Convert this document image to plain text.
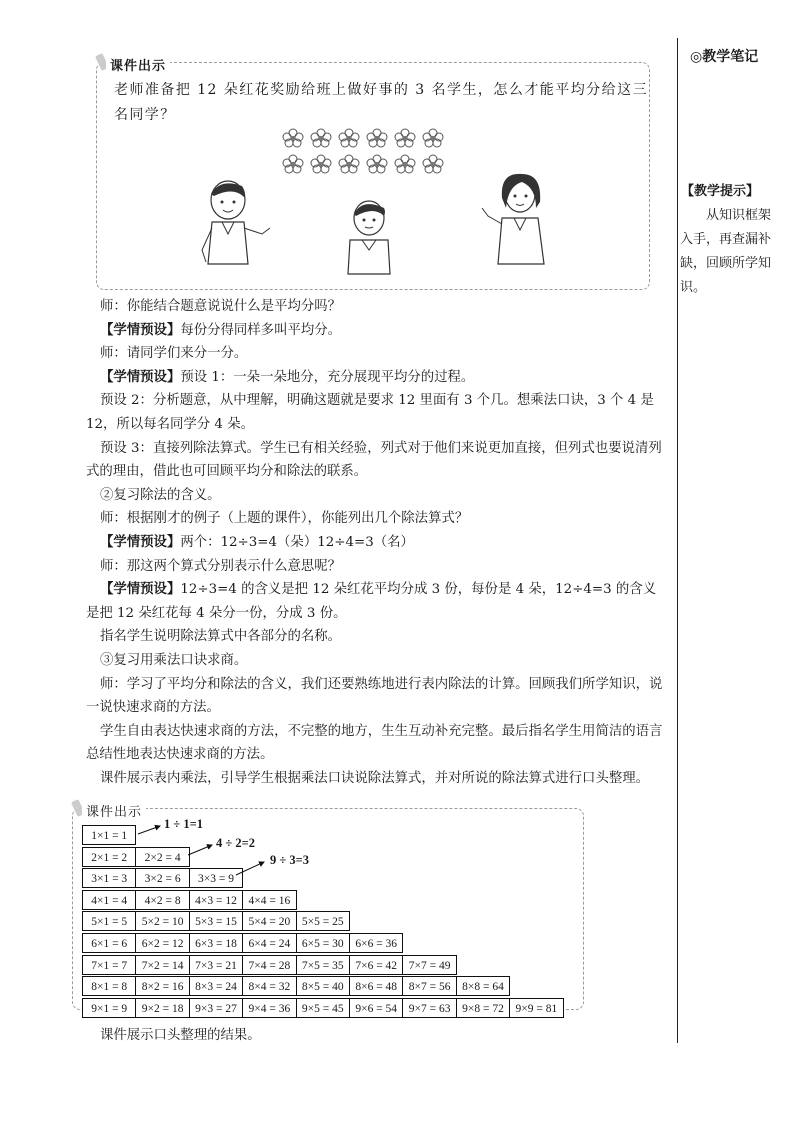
◎教学笔记
【教学提示】
从知识框架入手，再查漏补缺，回顾所学知识。
课件出示
老师准备把 12 朵红花奖励给班上做好事的 3 名学生，怎么才能平均分给这三名同学？

师：你能结合题意说说什么是平均分吗？

【学情预设】每份分得同样多叫平均分。

师：请同学们来分一分。

【学情预设】预设 1：一朵一朵地分，充分展现平均分的过程。

预设 2：分析题意，从中理解，明确这题就是要求 12 里面有 3 个几。想乘法口诀，3 个 4 是 12，所以每名同学分 4 朵。

预设 3：直接列除法算式。学生已有相关经验，列式对于他们来说更加直接，但列式也要说清列式的理由，借此也可回顾平均分和除法的联系。

②复习除法的含义。

师：根据刚才的例子（上题的课件），你能列出几个除法算式？

【学情预设】两个：12÷3=4（朵）12÷4=3（名）

师：那这两个算式分别表示什么意思呢？

【学情预设】12÷3=4 的含义是把 12 朵红花平均分成 3 份，每份是 4 朵，12÷4=3 的含义是把 12 朵红花每 4 朵分一份，分成 3 份。

指名学生说明除法算式中各部分的名称。

③复习用乘法口诀求商。

师：学习了平均分和除法的含义，我们还要熟练地进行表内除法的计算。回顾我们所学知识，说一说快速求商的方法。

学生自由表达快速求商的方法，不完整的地方，生生互动补充完整。最后指名学生用简洁的语言总结性地表达快速求商的方法。

课件展示表内乘法，引导学生根据乘法口诀说除法算式，并对所说的除法算式进行口头整理。

课件出示
1×1 = 1
2×1 = 2	2×2 = 4
3×1 = 3	3×2 = 6	3×3 = 9
4×1 = 4	4×2 = 8	4×3 = 12	4×4 = 16
5×1 = 5	5×2 = 10	5×3 = 15	5×4 = 20	5×5 = 25
6×1 = 6	6×2 = 12	6×3 = 18	6×4 = 24	6×5 = 30	6×6 = 36
7×1 = 7	7×2 = 14	7×3 = 21	7×4 = 28	7×5 = 35	7×6 = 42	7×7 = 49
8×1 = 8	8×2 = 16	8×3 = 24	8×4 = 32	8×5 = 40	8×6 = 48	8×7 = 56	8×8 = 64
9×1 = 9	9×2 = 18	9×3 = 27	9×4 = 36	9×5 = 45	9×6 = 54	9×7 = 63	9×8 = 72	9×9 = 81
1 ÷ 1=1
4 ÷ 2=2
9 ÷ 3=3
课件展示口头整理的结果。
